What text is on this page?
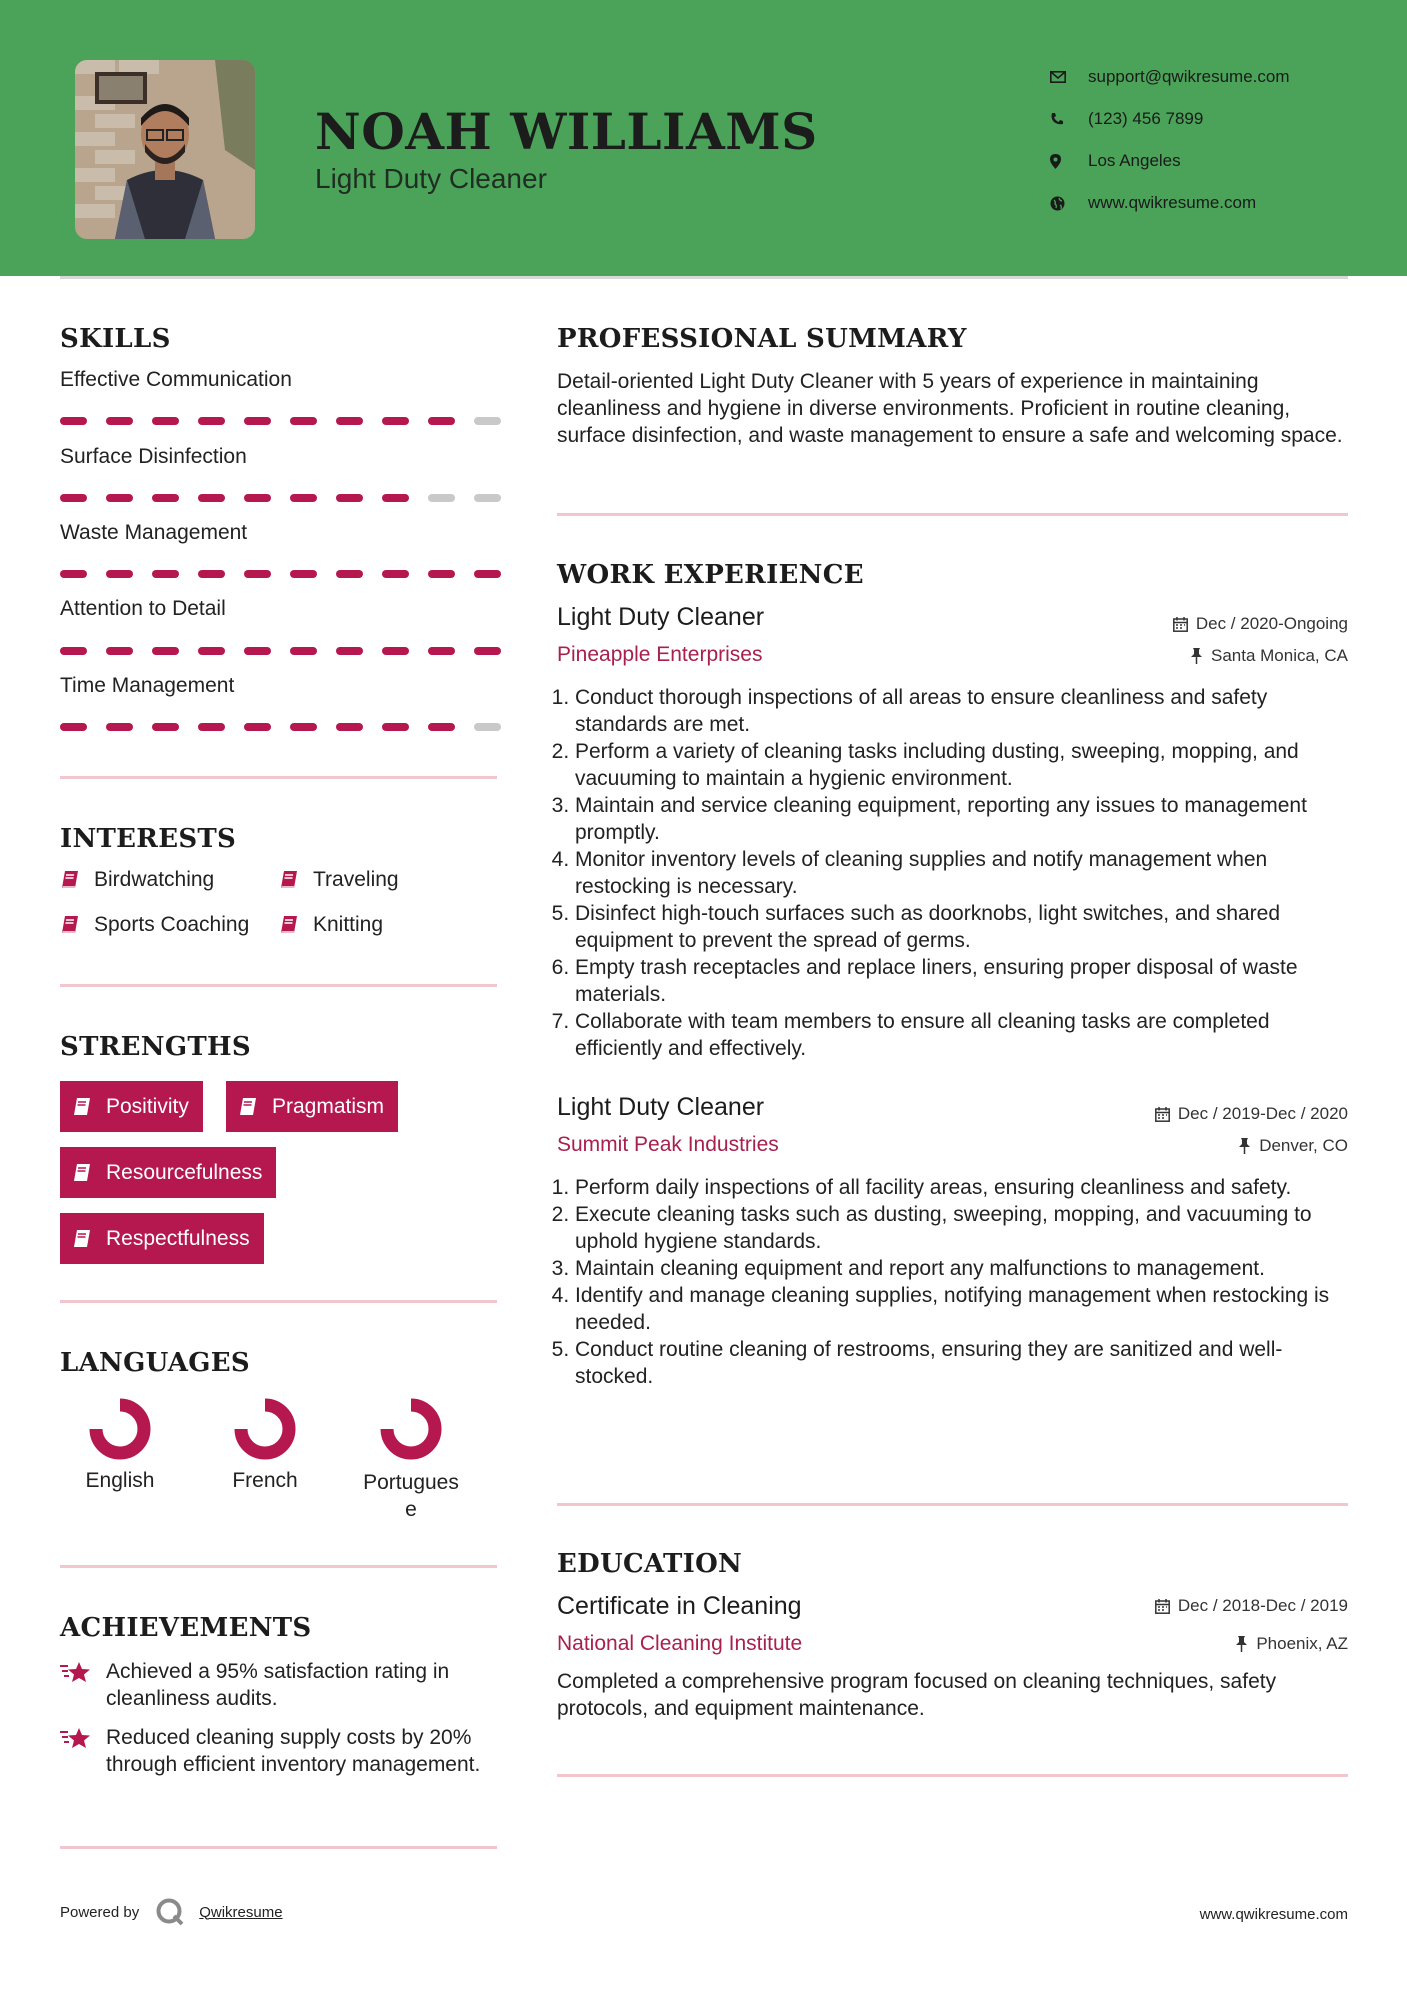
NOAH WILLIAMS
Light Duty Cleaner
support@qwikresume.com
(123) 456 7899
Los Angeles
www.qwikresume.com
SKILLS
Effective Communication
Surface Disinfection
Waste Management
Attention to Detail
Time Management
INTERESTS
Birdwatching	Traveling
Sports Coaching	Knitting
STRENGTHS
Positivity	Pragmatism
Resourcefulness
Respectfulness
LANGUAGES
English	French	Portugues
e
ACHIEVEMENTS
Achieved a 95% satisfaction rating in cleanliness audits.
Reduced cleaning supply costs by 20% through efficient inventory management.
PROFESSIONAL SUMMARY
Detail-oriented Light Duty Cleaner with 5 years of experience in maintaining cleanliness and hygiene in diverse environments. Proficient in routine cleaning, surface disinfection, and waste management to ensure a safe and welcoming space.
WORK EXPERIENCE
Light Duty Cleaner	Dec / 2020-Ongoing
Pineapple Enterprises	Santa Monica, CA
1. Conduct thorough inspections of all areas to ensure cleanliness and safety standards are met.
2. Perform a variety of cleaning tasks including dusting, sweeping, mopping, and vacuuming to maintain a hygienic environment.
3. Maintain and service cleaning equipment, reporting any issues to management promptly.
4. Monitor inventory levels of cleaning supplies and notify management when restocking is necessary.
5. Disinfect high-touch surfaces such as doorknobs, light switches, and shared equipment to prevent the spread of germs.
6. Empty trash receptacles and replace liners, ensuring proper disposal of waste materials.
7. Collaborate with team members to ensure all cleaning tasks are completed efficiently and effectively.
Light Duty Cleaner	Dec / 2019-Dec / 2020
Summit Peak Industries	Denver, CO
1. Perform daily inspections of all facility areas, ensuring cleanliness and safety.
2. Execute cleaning tasks such as dusting, sweeping, mopping, and vacuuming to uphold hygiene standards.
3. Maintain cleaning equipment and report any malfunctions to management.
4. Identify and manage cleaning supplies, notifying management when restocking is needed.
5. Conduct routine cleaning of restrooms, ensuring they are sanitized and well-stocked.
EDUCATION
Certificate in Cleaning	Dec / 2018-Dec / 2019
National Cleaning Institute	Phoenix, AZ
Completed a comprehensive program focused on cleaning techniques, safety protocols, and equipment maintenance.
Powered by	Qwikresume	www.qwikresume.com
